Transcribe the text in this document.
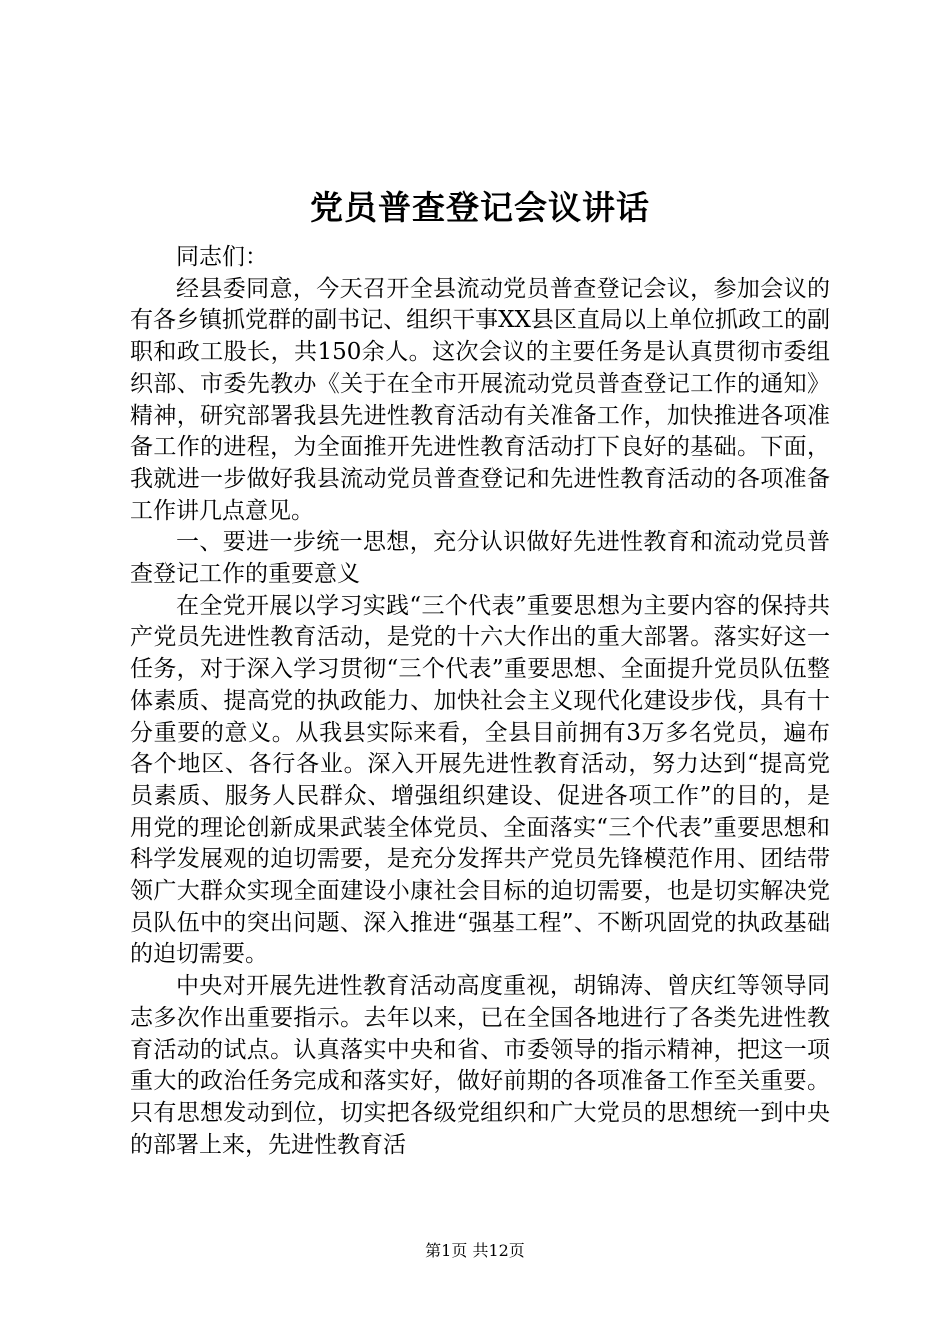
党员普查登记会议讲话

同志们：

经县委同意，今天召开全县流动党员普查登记会议，参加会议的有各乡镇抓党群的副书记、组织干事XX县区直局以上单位抓政工的副职和政工股长，共150余人。这次会议的主要任务是认真贯彻市委组织部、市委先教办《关于在全市开展流动党员普查登记工作的通知》精神，研究部署我县先进性教育活动有关准备工作，加快推进各项准备工作的进程，为全面推开先进性教育活动打下良好的基础。下面，我就进一步做好我县流动党员普查登记和先进性教育活动的各项准备工作讲几点意见。

一、要进一步统一思想，充分认识做好先进性教育和流动党员普查登记工作的重要意义

在全党开展以学习实践“三个代表”重要思想为主要内容的保持共产党员先进性教育活动，是党的十六大作出的重大部署。落实好这一任务，对于深入学习贯彻“三个代表”重要思想、全面提升党员队伍整体素质、提高党的执政能力、加快社会主义现代化建设步伐，具有十分重要的意义。从我县实际来看，全县目前拥有3万多名党员，遍布各个地区、各行各业。深入开展先进性教育活动，努力达到“提高党员素质、服务人民群众、增强组织建设、促进各项工作”的目的，是用党的理论创新成果武装全体党员、全面落实“三个代表”重要思想和科学发展观的迫切需要，是充分发挥共产党员先锋模范作用、团结带领广大群众实现全面建设小康社会目标的迫切需要，也是切实解决党员队伍中的突出问题、深入推进“强基工程”、不断巩固党的执政基础的迫切需要。

中央对开展先进性教育活动高度重视，胡锦涛、曾庆红等领导同志多次作出重要指示。去年以来，已在全国各地进行了各类先进性教育活动的试点。认真落实中央和省、市委领导的指示精神，把这一项重大的政治任务完成和落实好，做好前期的各项准备工作至关重要。只有思想发动到位，切实把各级党组织和广大党员的思想统一到中央的部署上来，先进性教育活

第1页 共12页
